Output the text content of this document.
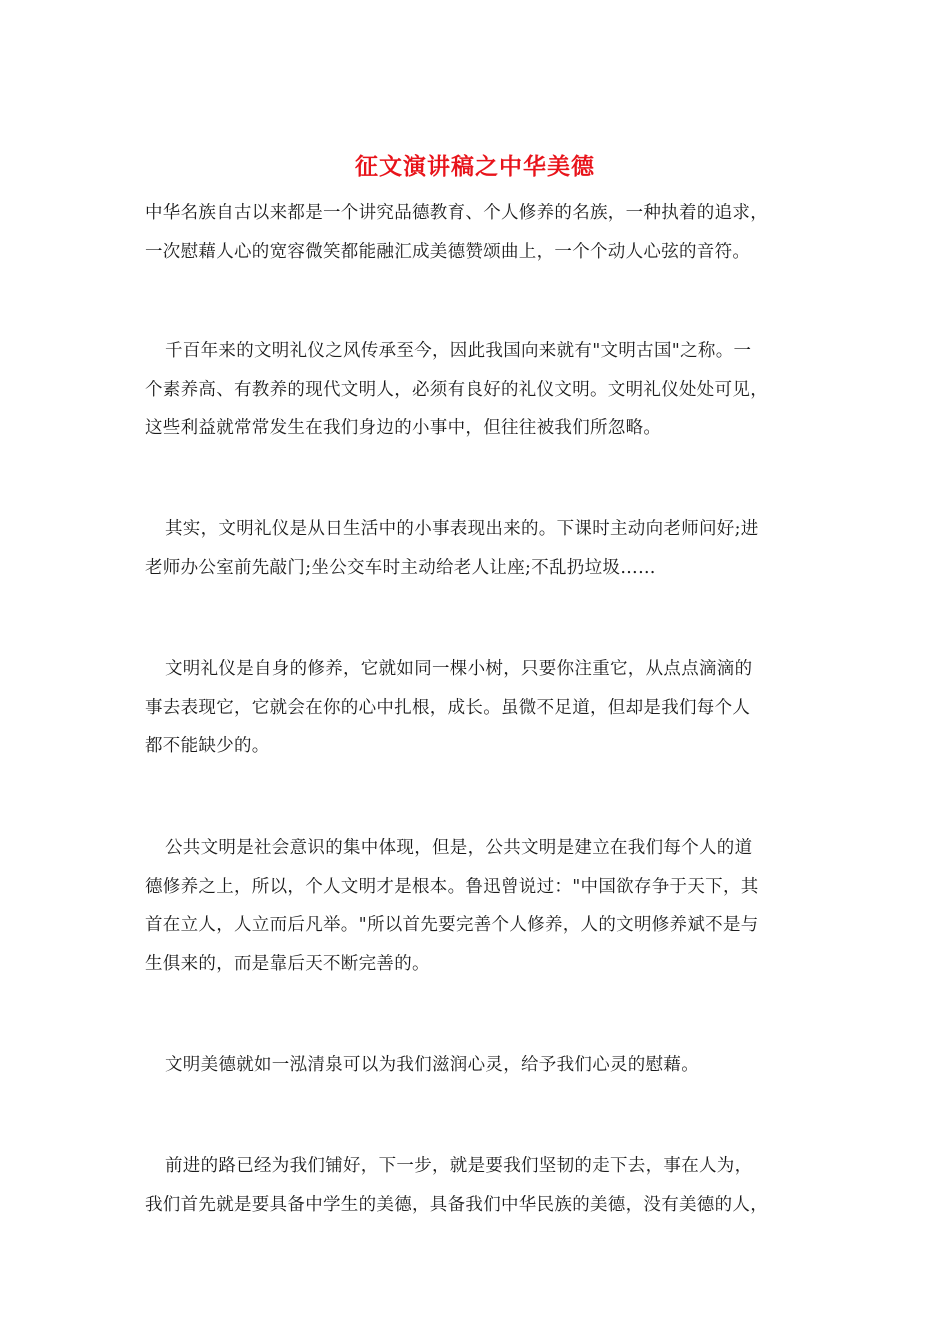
征文演讲稿之中华美德

中华名族自古以来都是一个讲究品德教育、个人修养的名族，一种执着的追求，
一次慰藉人心的宽容微笑都能融汇成美德赞颂曲上，一个个动人心弦的音符。

千百年来的文明礼仪之风传承至今，因此我国向来就有"文明古国"之称。一
个素养高、有教养的现代文明人，必须有良好的礼仪文明。文明礼仪处处可见，
这些利益就常常发生在我们身边的小事中，但往往被我们所忽略。

其实，文明礼仪是从日生活中的小事表现出来的。下课时主动向老师问好;进
老师办公室前先敲门;坐公交车时主动给老人让座;不乱扔垃圾……

文明礼仪是自身的修养，它就如同一棵小树，只要你注重它，从点点滴滴的
事去表现它，它就会在你的心中扎根，成长。虽微不足道，但却是我们每个人
都不能缺少的。

公共文明是社会意识的集中体现，但是，公共文明是建立在我们每个人的道
德修养之上，所以，个人文明才是根本。鲁迅曾说过："中国欲存争于天下，其
首在立人，人立而后凡举。"所以首先要完善个人修养，人的文明修养斌不是与
生俱来的，而是靠后天不断完善的。

文明美德就如一泓清泉可以为我们滋润心灵，给予我们心灵的慰藉。

前进的路已经为我们铺好，下一步，就是要我们坚韧的走下去，事在人为，
我们首先就是要具备中学生的美德，具备我们中华民族的美德，没有美德的人，
